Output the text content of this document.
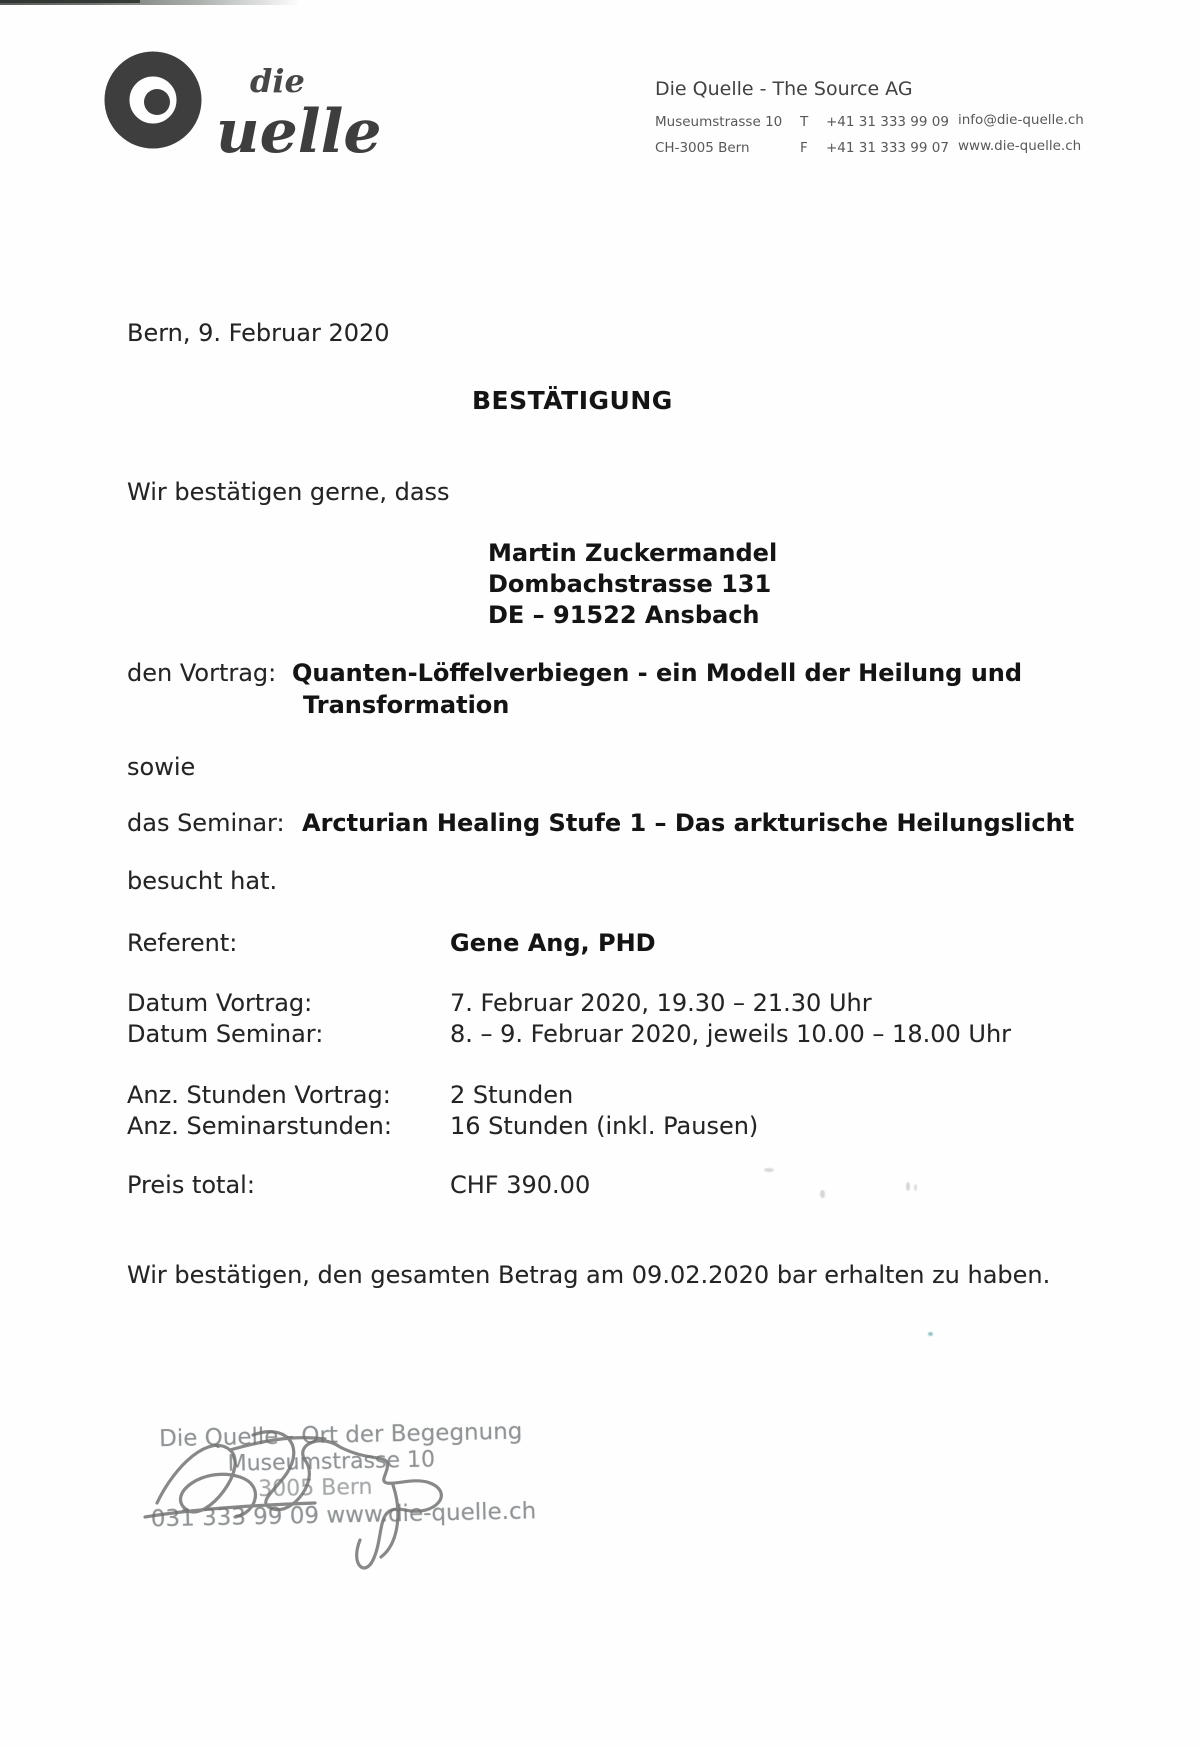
die
uelle
Die Quelle - The Source AG
Museumstrasse 10
CH-3005 Bern
T +41 31 333 99 09
F +41 31 333 99 07
info@die-quelle.ch
www.die-quelle.ch
Bern, 9. Februar 2020
BESTÄTIGUNG
Wir bestätigen gerne, dass
Martin Zuckermandel
Dombachstrasse 131
DE – 91522 Ansbach
den Vortrag: Quanten-Löffelverbiegen - ein Modell der Heilung und
Transformation
sowie
das Seminar: Arcturian Healing Stufe 1 – Das arkturische Heilungslicht
besucht hat.
Referent:	Gene Ang, PHD
Datum Vortrag:	7. Februar 2020, 19.30 – 21.30 Uhr
Datum Seminar:	8. – 9. Februar 2020, jeweils 10.00 – 18.00 Uhr
Anz. Stunden Vortrag: 2 Stunden
Anz. Seminarstunden: 16 Stunden (inkl. Pausen)
Preis total:	CHF 390.00
Wir bestätigen, den gesamten Betrag am 09.02.2020 bar erhalten zu haben.
Die Quelle - Ort der Begegnung
Museumstrasse 10
3005 Bern
031 333 99 09 www.die-quelle.ch
